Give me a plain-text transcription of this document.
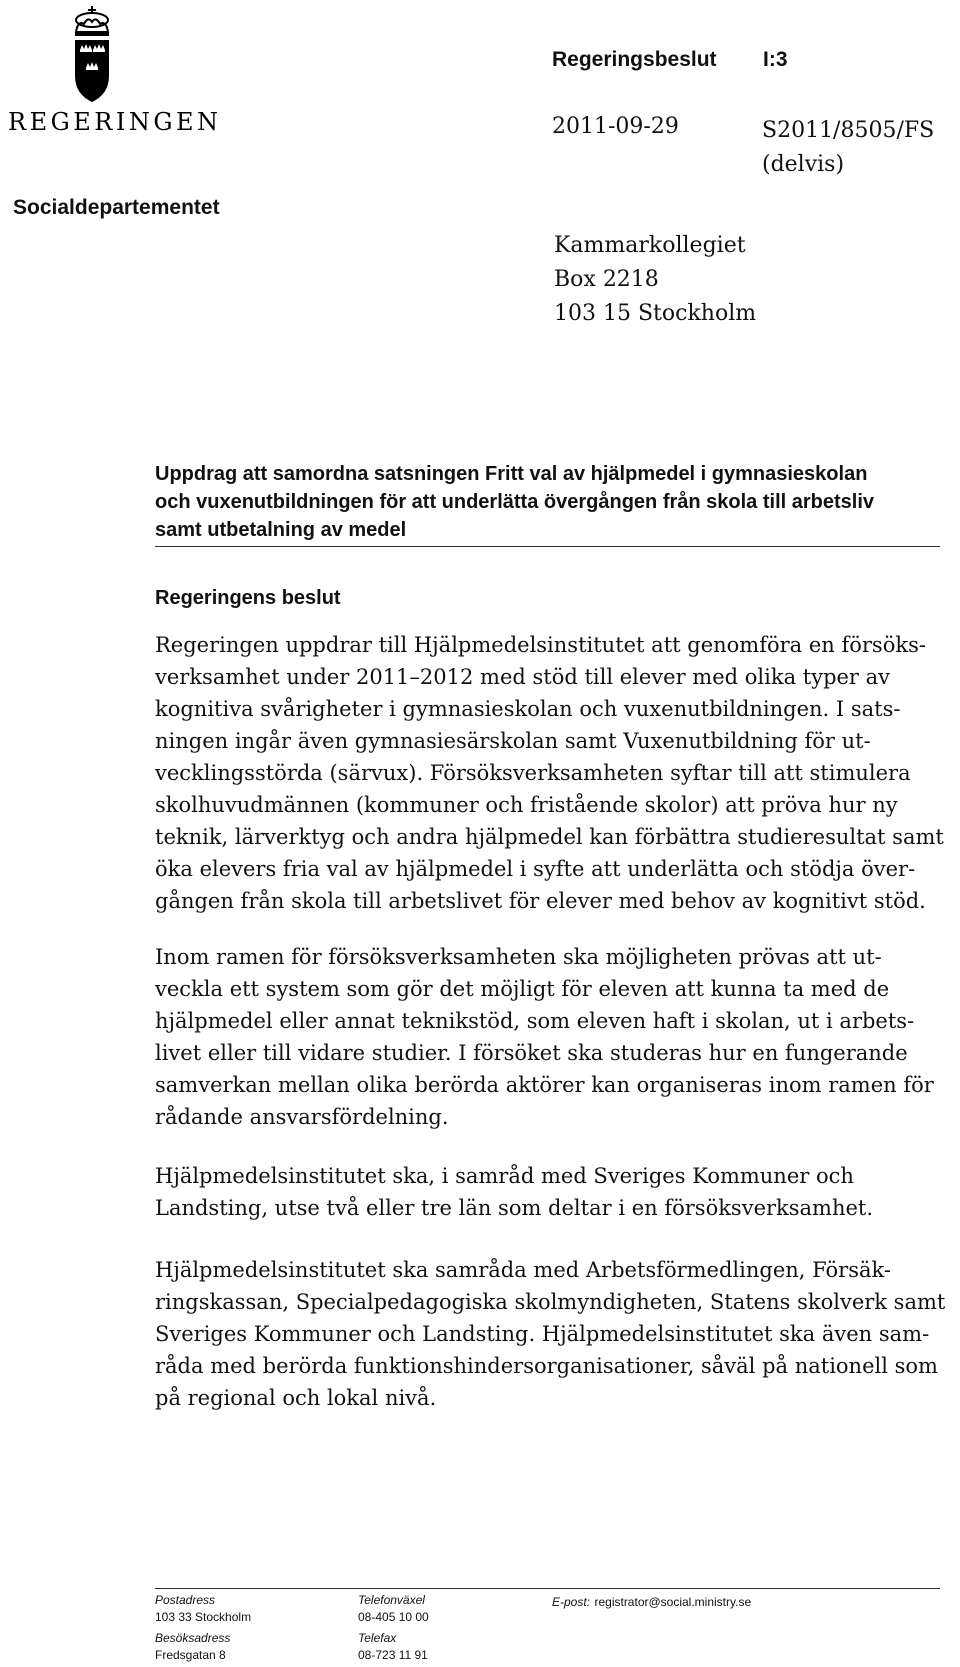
REGERINGEN
Regeringsbeslut I:3
2011-09-29	S2011/8505/FS
(delvis)
Socialdepartementet
Kammarkollegiet
Box 2218
103 15 Stockholm
Uppdrag att samordna satsningen Fritt val av hjälpmedel i gymnasieskolan
och vuxenutbildningen för att underlätta övergången från skola till arbetsliv
samt utbetalning av medel
Regeringens beslut
Regeringen uppdrar till Hjälpmedelsinstitutet att genomföra en försöks-
verksamhet under 2011–2012 med stöd till elever med olika typer av
kognitiva svårigheter i gymnasieskolan och vuxenutbildningen. I sats-
ningen ingår även gymnasiesärskolan samt Vuxenutbildning för ut-
vecklingsstörda (särvux). Försöksverksamheten syftar till att stimulera
skolhuvudmännen (kommuner och fristående skolor) att pröva hur ny
teknik, lärverktyg och andra hjälpmedel kan förbättra studieresultat samt
öka elevers fria val av hjälpmedel i syfte att underlätta och stödja över-
gången från skola till arbetslivet för elever med behov av kognitivt stöd.
Inom ramen för försöksverksamheten ska möjligheten prövas att ut-
veckla ett system som gör det möjligt för eleven att kunna ta med de
hjälpmedel eller annat teknikstöd, som eleven haft i skolan, ut i arbets-
livet eller till vidare studier. I försöket ska studeras hur en fungerande
samverkan mellan olika berörda aktörer kan organiseras inom ramen för
rådande ansvarsfördelning.
Hjälpmedelsinstitutet ska, i samråd med Sveriges Kommuner och
Landsting, utse två eller tre län som deltar i en försöksverksamhet.
Hjälpmedelsinstitutet ska samråda med Arbetsförmedlingen, Försäk-
ringskassan, Specialpedagogiska skolmyndigheten, Statens skolverk samt
Sveriges Kommuner och Landsting. Hjälpmedelsinstitutet ska även sam-
råda med berörda funktionshindersorganisationer, såväl på nationell som
på regional och lokal nivå.
Postadress
103 33 Stockholm
Besöksadress
Fredsgatan 8
Telefonväxel
08-405 10 00
Telefax
08-723 11 91
E-post: registrator@social.ministry.se
